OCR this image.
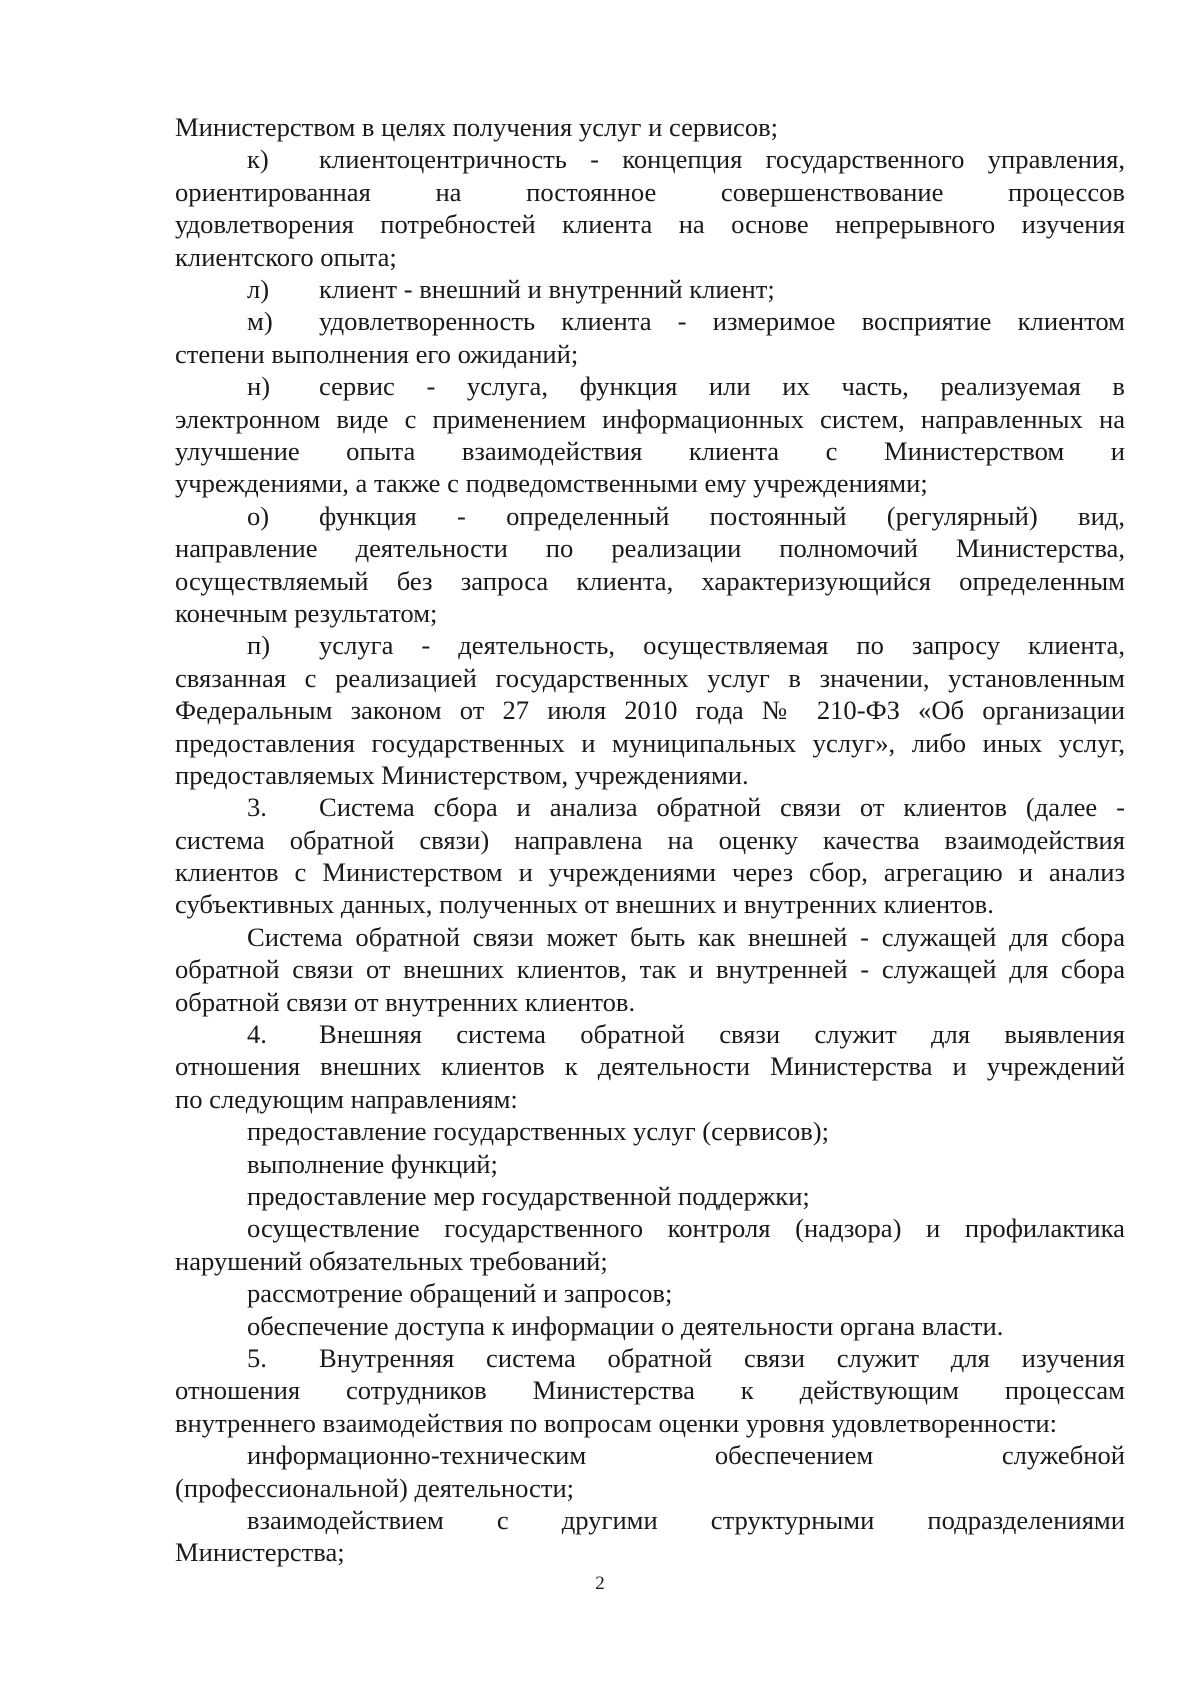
Министерством в целях получения услуг и сервисов;
к)	клиентоцентричность - концепция государственного управления,
ориентированная на постоянное совершенствование процессов
удовлетворения потребностей клиента на основе непрерывного изучения
клиентского опыта;
л)	клиент - внешний и внутренний клиент;
м)	удовлетворенность клиента - измеримое восприятие клиентом
степени выполнения его ожиданий;
н)	сервис - услуга, функция или их часть, реализуемая в
электронном виде с применением информационных систем, направленных на
улучшение опыта взаимодействия клиента с Министерством и
учреждениями, а также с подведомственными ему учреждениями;
о)	функция - определенный постоянный (регулярный) вид,
направление деятельности по реализации полномочий Министерства,
осуществляемый без запроса клиента, характеризующийся определенным
конечным результатом;
п)	услуга - деятельность, осуществляемая по запросу клиента,
связанная с реализацией государственных услуг в значении, установленным
Федеральным законом от 27 июля 2010 года № 210-ФЗ «Об организации
предоставления государственных и муниципальных услуг», либо иных услуг,
предоставляемых Министерством, учреждениями.
3.	Система сбора и анализа обратной связи от клиентов (далее -
система обратной связи) направлена на оценку качества взаимодействия
клиентов с Министерством и учреждениями через сбор, агрегацию и анализ
субъективных данных, полученных от внешних и внутренних клиентов.
Система обратной связи может быть как внешней - служащей для сбора
обратной связи от внешних клиентов, так и внутренней - служащей для сбора
обратной связи от внутренних клиентов.
4.	Внешняя система обратной связи служит для выявления
отношения внешних клиентов к деятельности Министерства и учреждений
по следующим направлениям:
предоставление государственных услуг (сервисов);
выполнение функций;
предоставление мер государственной поддержки;
осуществление государственного контроля (надзора) и профилактика
нарушений обязательных требований;
рассмотрение обращений и запросов;
обеспечение доступа к информации о деятельности органа власти.
5.	Внутренняя система обратной связи служит для изучения
отношения сотрудников Министерства к действующим процессам
внутреннего взаимодействия по вопросам оценки уровня удовлетворенности:
информационно-техническим обеспечением служебной
(профессиональной) деятельности;
взаимодействием с другими структурными подразделениями
Министерства;
2
